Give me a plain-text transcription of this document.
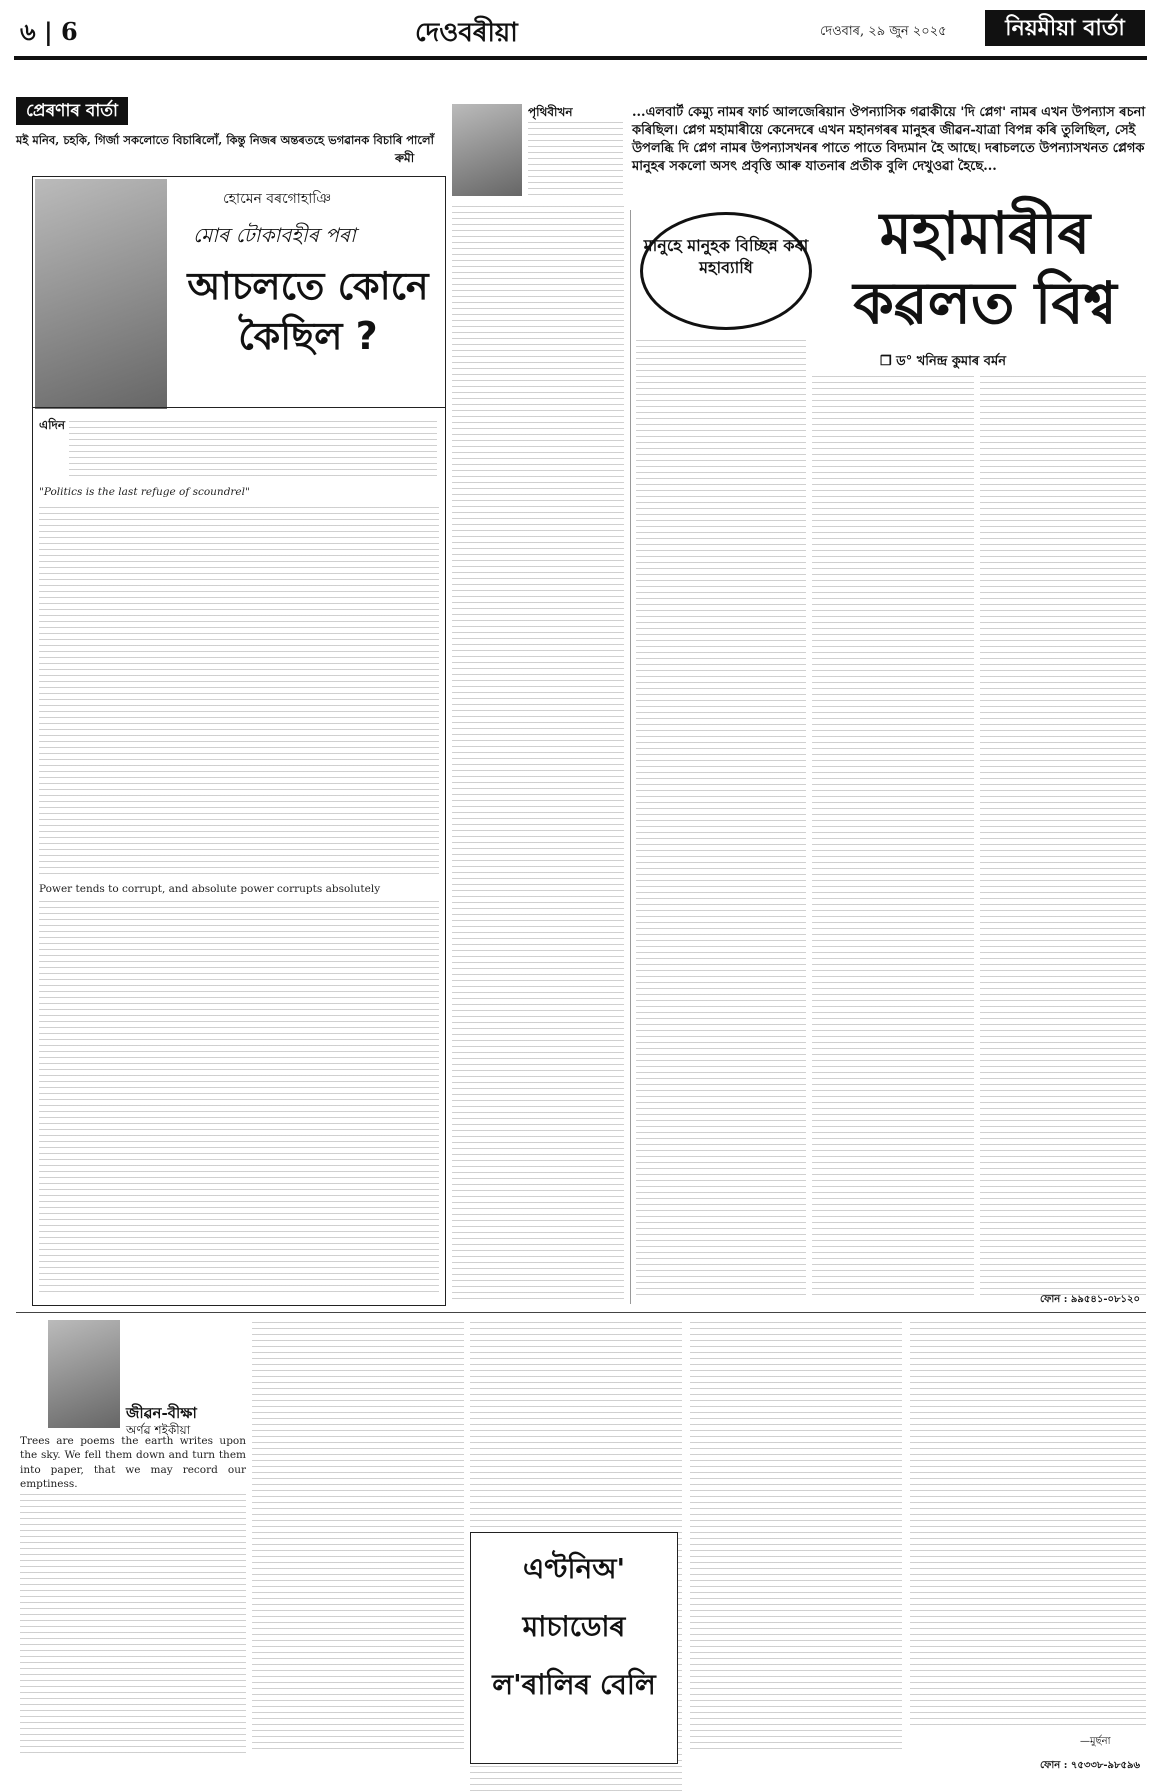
৬ | 6	দেওবৰীয়া	দেওবাৰ, ২৯ জুন ২০২৫	নিয়মীয়া বাৰ্তা
প্ৰেৰণাৰ বাৰ্তা
মই মনিব, চহকি, গিৰ্জা সকলোতে বিচাৰিলোঁ, কিন্তু নিজৰ অন্তৰতহে ভগৱানক বিচাৰি পালোঁ
ৰুমী
হোমেন বৰগোহাঞি
মোৰ টোকাবহীৰ পৰা
আচলতে কোনে কৈছিল ?
এদিন
"Politics is the last refuge of scoundrel"
Power tends to corrupt, and absolute power corrupts absolutely
পৃথিবীখন	...এলবাৰ্ট কেম্যু নামৰ ফাৰ্চ আলজেৰিয়ান ঔপন্যাসিক গৱাকীয়ে 'দি প্লেগ' নামৰ এখন উপন্যাস ৰচনা কৰিছিল। প্লেগ মহামাৰীয়ে কেনেদৰে এখন মহানগৰৰ মানুহৰ জীৱন-যাত্ৰা বিপন্ন কৰি তুলিছিল, সেই উপলব্ধি দি প্লেগ নামৰ উপন্যাসখনৰ পাতে পাতে বিদ্যমান হৈ আছে। দৰাচলতে উপন্যাসখনত প্লেগক মানুহৰ সকলো অসৎ প্ৰবৃত্তি আৰু যাতনাৰ প্ৰতীক বুলি দেখুওৱা হৈছে...
মানুহে মানুহক বিচ্ছিন্ন কৰা মহাব্যাধি
মহামাৰীৰ
কৱলত বিশ্ব
❒ ড° খনিন্দ্ৰ কুমাৰ বৰ্মন
ফোন : ৯৯৫৪১-০৮১২০
জীৱন-বীক্ষা
অৰ্ণৱ শইকীয়া
Trees are poems the earth writes upon the sky. We fell them down and turn them into paper, that we may record our emptiness.
এণ্টনিঅ'
মাচাডোৰ
ল'ৰালিৰ বেলি
—মুৰ্ছনা
ফোন : ৭৫৩৩৮-৯৮৫৯৬
